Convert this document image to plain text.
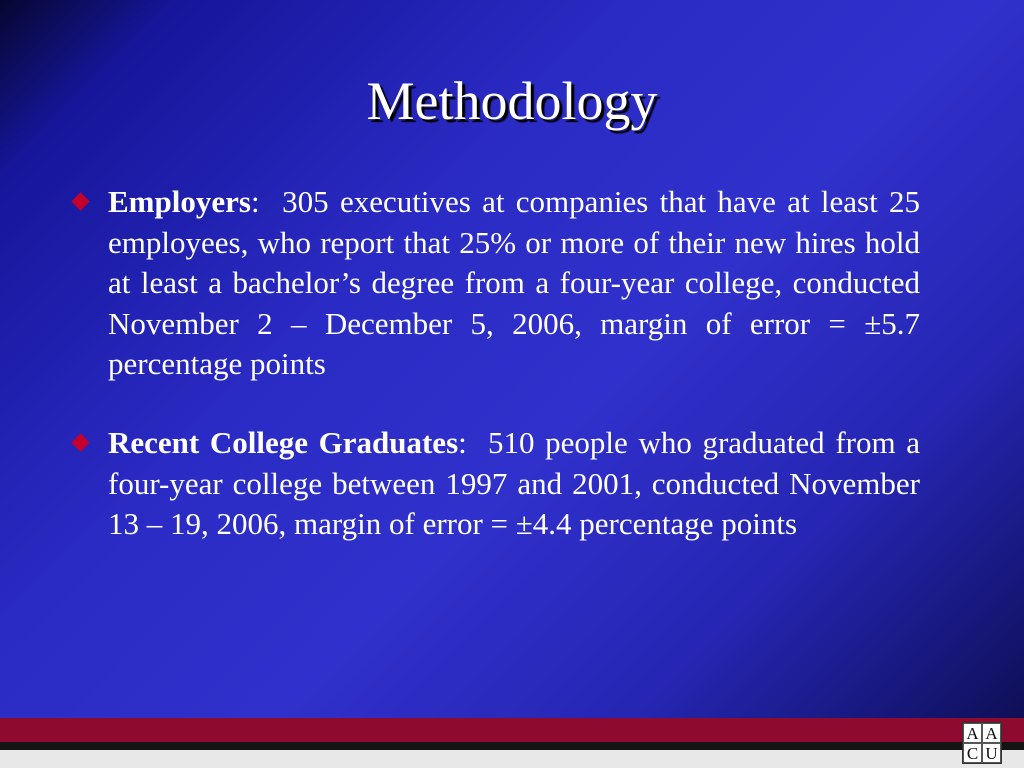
Methodology
Employers:  305 executives at companies that have at least 25 employees, who report that 25% or more of their new hires hold at least a bachelor’s degree from a four-year college, conducted November 2 – December 5, 2006, margin of error = ±5.7 percentage points
Recent College Graduates:  510 people who graduated from a four-year college between 1997 and 2001, conducted November 13 – 19, 2006, margin of error = ±4.4 percentage points
A A
C U
